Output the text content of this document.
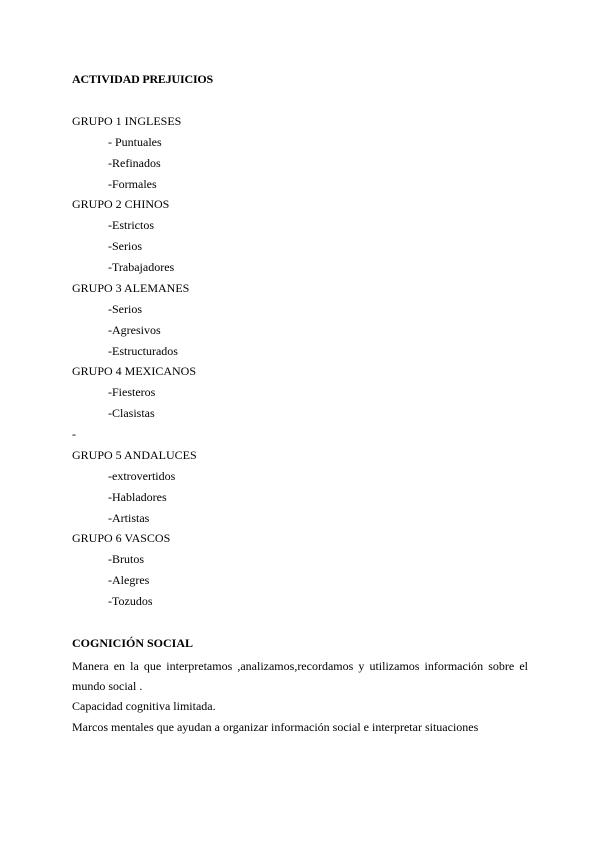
ACTIVIDAD PREJUICIOS
GRUPO 1 INGLESES
- Puntuales
-Refinados
-Formales
GRUPO 2 CHINOS
-Estrictos
-Serios
-Trabajadores
GRUPO 3 ALEMANES
-Serios
-Agresivos
-Estructurados
GRUPO 4 MEXICANOS
-Fiesteros
-Clasistas
-
GRUPO 5 ANDALUCES
-extrovertidos
-Habladores
-Artistas
GRUPO 6 VASCOS
-Brutos
-Alegres
-Tozudos
COGNICIÓN SOCIAL
Manera en la que interpretamos ,analizamos,recordamos y utilizamos información sobre el mundo social .
Capacidad cognitiva limitada.
Marcos mentales que ayudan a organizar información social e interpretar situaciones
